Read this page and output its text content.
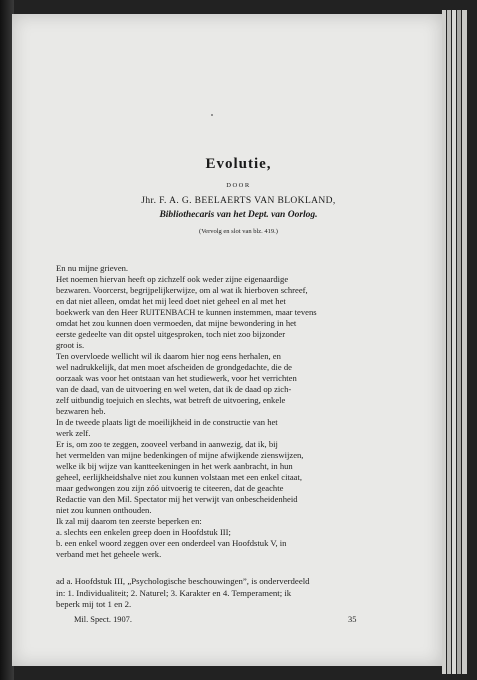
Evolutie,
DOOR
Jhr. F. A. G. BEELAERTS VAN BLOKLAND,
Bibliothecaris van het Dept. van Oorlog.
(Vervolg en slot van blz. 419.)
En nu mijne grieven.
Het noemen hiervan heeft op zichzelf ook weder zijne eigenaardige
bezwaren. Voorcerst, begrijpelijkerwijze, om al wat ik hierboven schreef,
en dat niet alleen, omdat het mij leed doet niet geheel en al met het
boekwerk van den Heer RUITENBACH te kunnen instemmen, maar tevens
omdat het zou kunnen doen vermoeden, dat mijne bewondering in het
eerste gedeelte van dit opstel uitgesproken, toch niet zoo bijzonder
groot is.
Ten overvloede wellicht wil ik daarom hier nog eens herhalen, en
wel nadrukkelijk, dat men moet afscheiden de grondgedachte, die de
oorzaak was voor het ontstaan van het studiewerk, voor het verrichten
van de daad, van de uitvoering en wel weten, dat ik de daad op zich-
zelf uitbundig toejuich en slechts, wat betreft de uitvoering, enkele
bezwaren heb.
In de tweede plaats ligt de moeilijkheid in de constructie van het
werk zelf.
Er is, om zoo te zeggen, zooveel verband in aanwezig, dat ik, bij
het vermelden van mijne bedenkingen of mijne afwijkende zienswijzen,
welke ik bij wijze van kantteekeningen in het werk aanbracht, in hun
geheel, eerlijkheidshalve niet zou kunnen volstaan met een enkel citaat,
maar gedwongen zou zijn zóó uitvoerig te citeeren, dat de geachte
Redactie van den Mil. Spectator mij het verwijt van onbescheidenheid
niet zou kunnen onthouden.
Ik zal mij daarom ten zeerste beperken en:
a. slechts een enkelen greep doen in Hoofdstuk III;
b. een enkel woord zeggen over een onderdeel van Hoofdstuk V, in
verband met het geheele werk.
ad a. Hoofdstuk III, „Psychologische beschouwingen”, is onderverdeeld
in: 1. Individualiteit; 2. Naturel; 3. Karakter en 4. Temperament; ik
beperk mij tot 1 en 2.
Mil. Spect. 1907.	35
